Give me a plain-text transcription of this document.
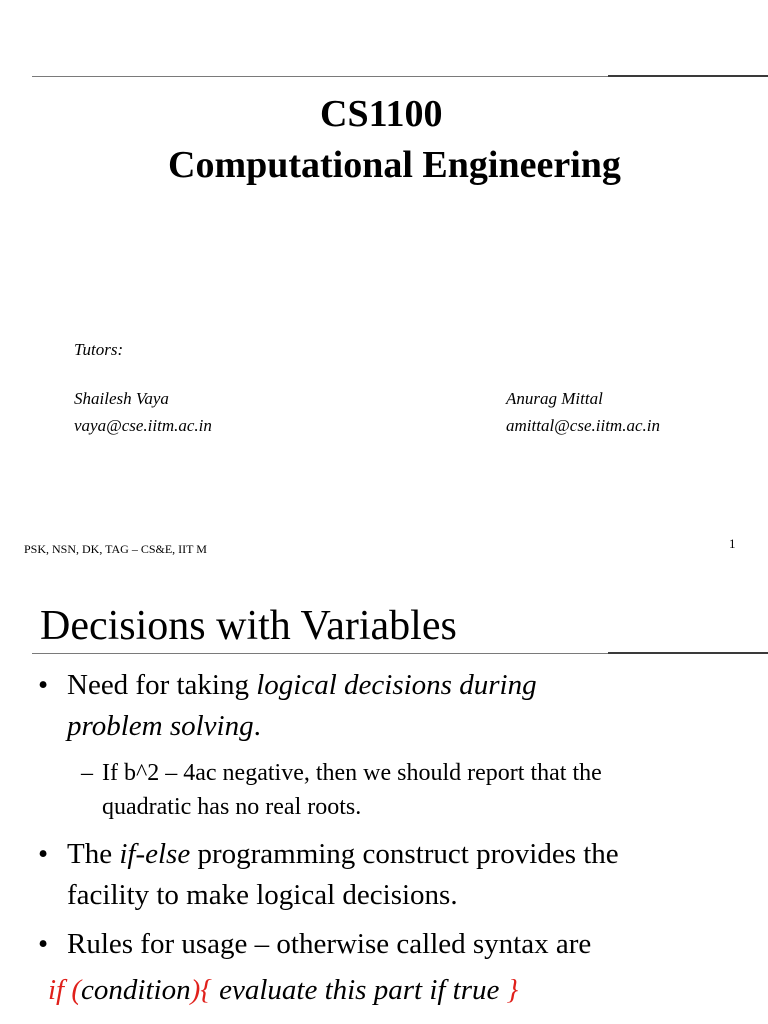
CS1100
Computational Engineering
Tutors:
Shailesh Vaya
vaya@cse.iitm.ac.in
Anurag Mittal
amittal@cse.iitm.ac.in
PSK, NSN, DK, TAG – CS&E, IIT M	1
Decisions with Variables
• Need for taking logical decisions during
problem solving.
– If b^2 – 4ac negative, then we should report that the
quadratic has no real roots.
• The if-else programming construct provides the
facility to make logical decisions.
• Rules for usage – otherwise called syntax are
if (condition){ evaluate this part if true }
